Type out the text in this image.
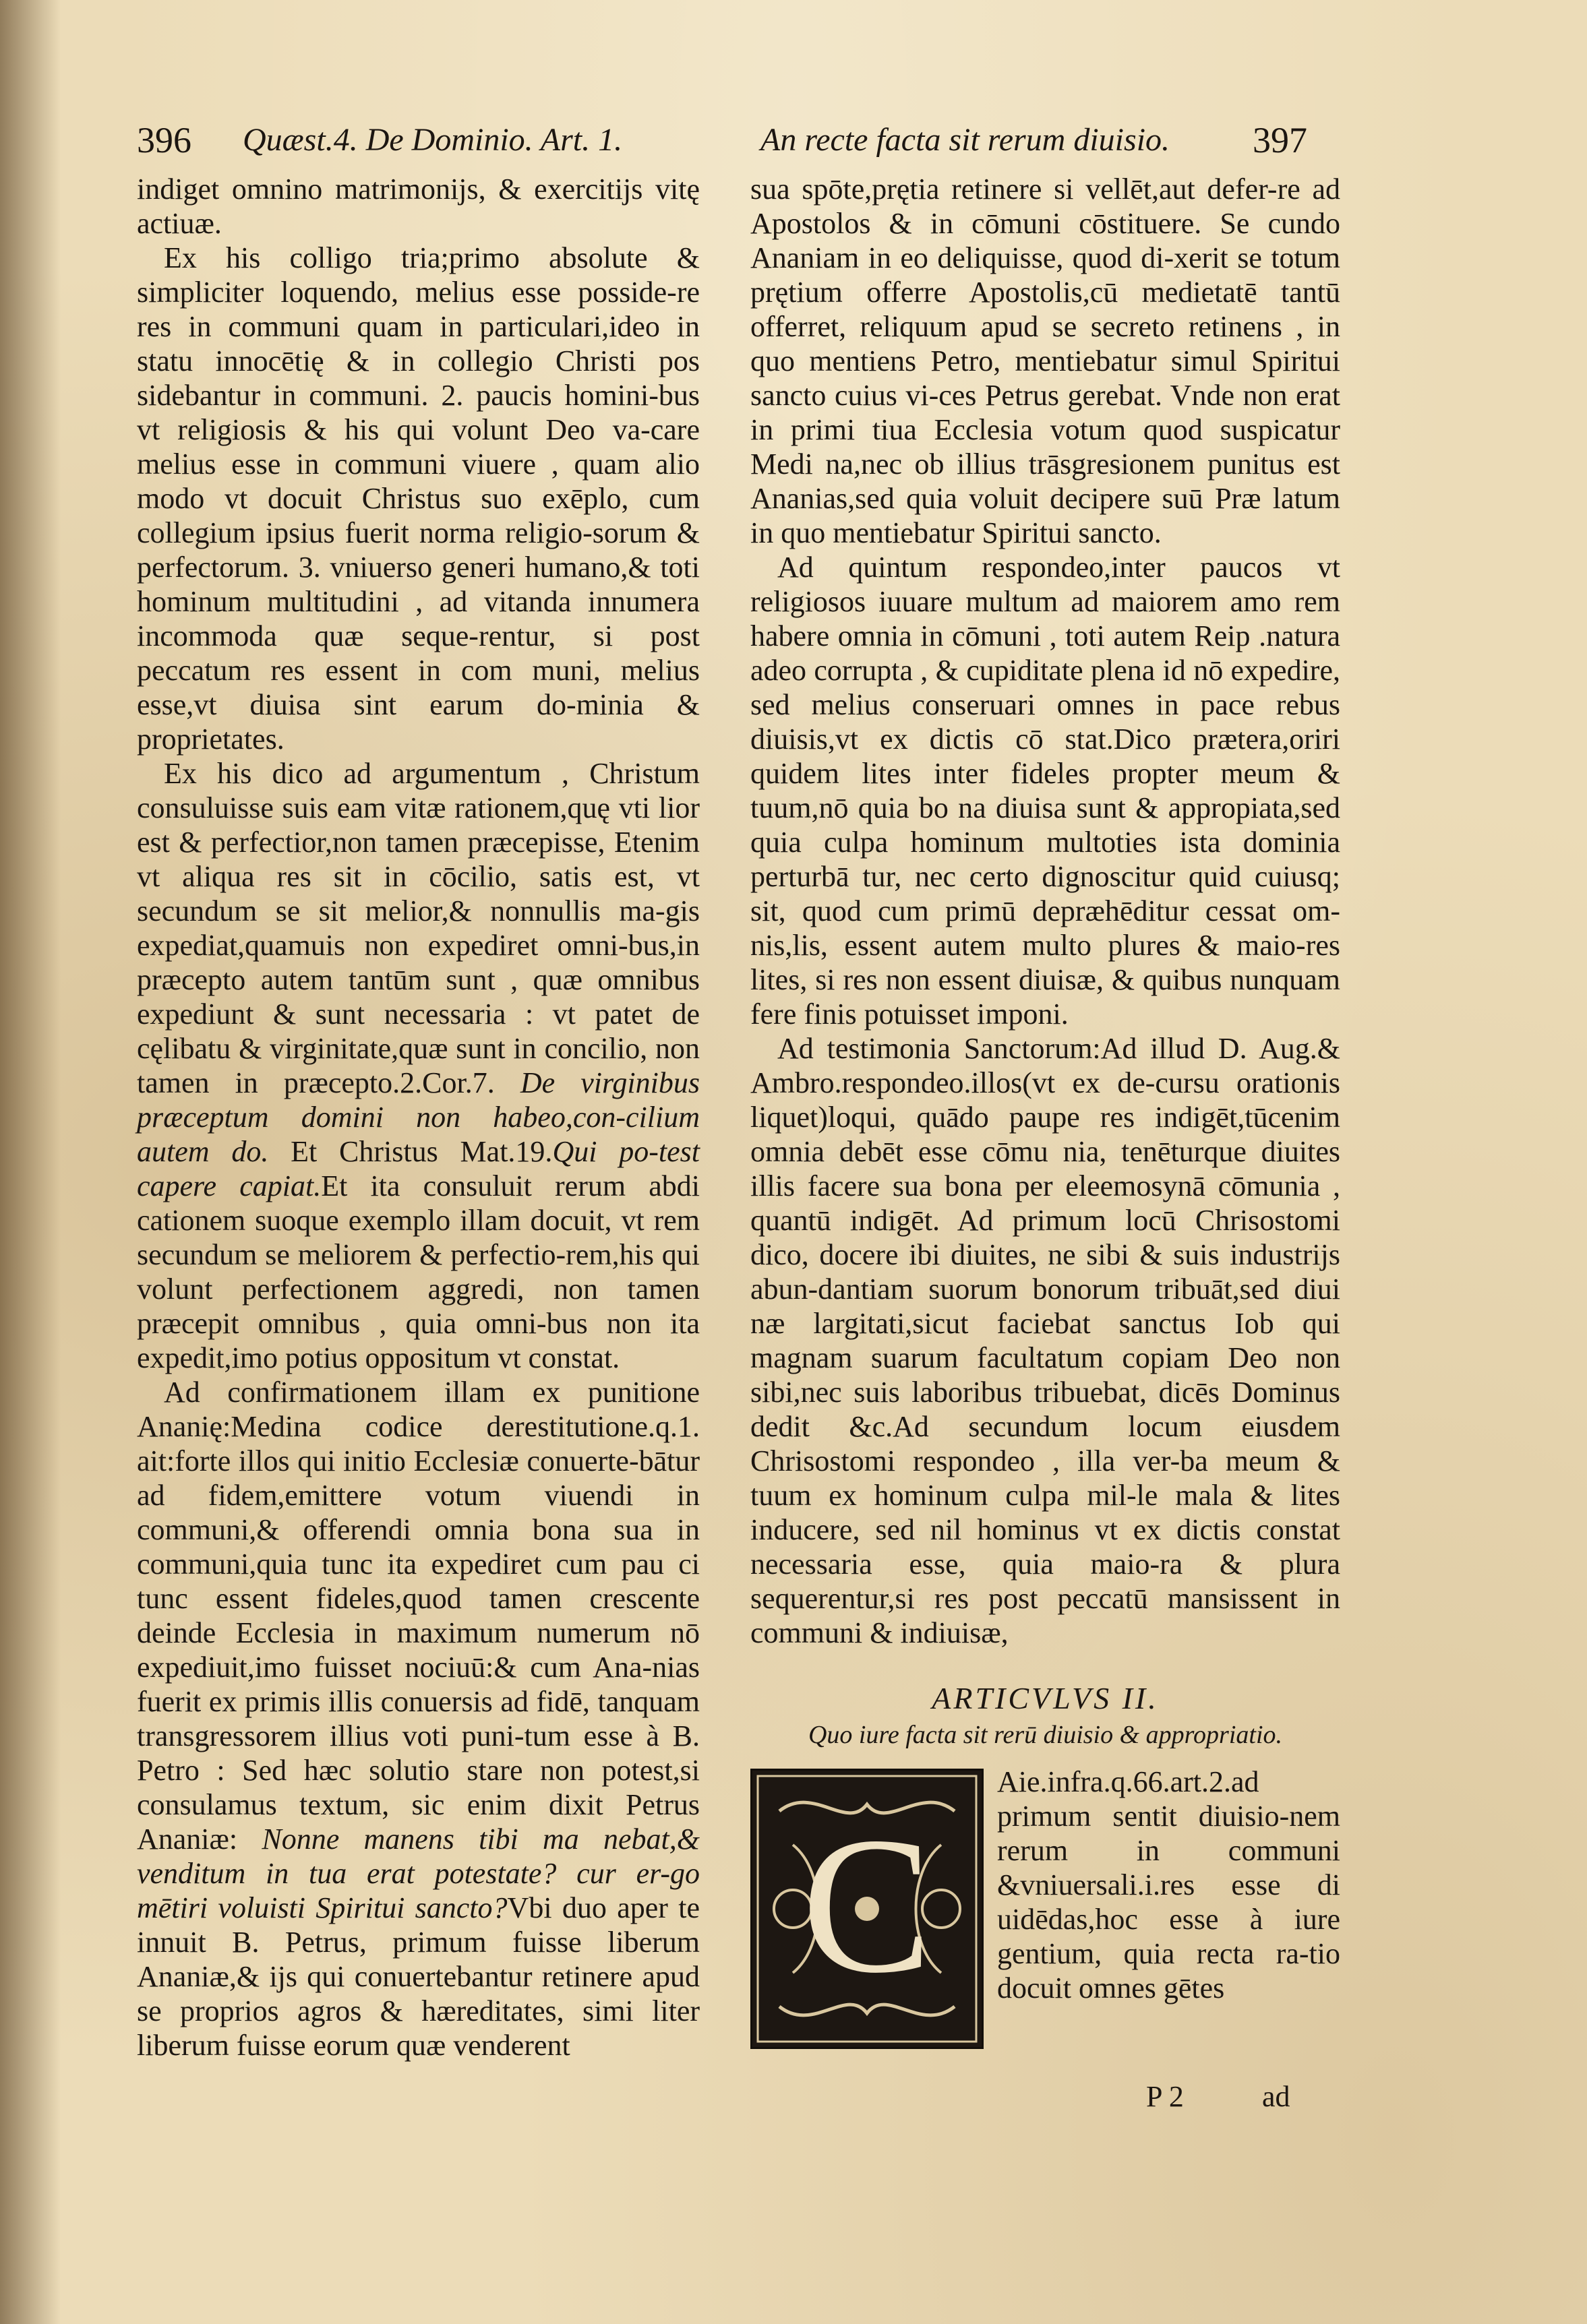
396 Quæst.4. De Dominio. Art. 1.	An recte facta sit rerum diuisio. 397

indiget omnino matrimonijs, & exercitijs vitę actiuæ.

Ex his colligo tria;primo absolute & simpliciter loquendo, melius esse posside-re res in communi quam in particulari,ideo in statu innocētię & in collegio Christi pos sidebantur in communi. 2. paucis homini-bus vt religiosis & his qui volunt Deo va-care melius esse in communi viuere , quam alio modo vt docuit Christus suo exēplo, cum collegium ipsius fuerit norma religio-sorum & perfectorum. 3. vniuerso generi humano,& toti hominum multitudini , ad vitanda innumera incommoda quæ seque-rentur, si post peccatum res essent in com muni, melius esse,vt diuisa sint earum do-minia & proprietates.

Ex his dico ad argumentum , Christum consuluisse suis eam vitæ rationem,quę vti lior est & perfectior,non tamen præcepisse, Etenim vt aliqua res sit in cōcilio, satis est, vt secundum se sit melior,& nonnullis ma-gis expediat,quamuis non expediret omni-bus,in præcepto autem tantūm sunt , quæ omnibus expediunt & sunt necessaria : vt patet de cęlibatu & virginitate,quæ sunt in concilio, non tamen in præcepto.2.Cor.7. De virginibus præceptum domini non habeo,con-cilium autem do. Et Christus Mat.19.Qui po-test capere capiat.Et ita consuluit rerum abdi cationem suoque exemplo illam docuit, vt rem secundum se meliorem & perfectio-rem,his qui volunt perfectionem aggredi, non tamen præcepit omnibus , quia omni-bus non ita expedit,imo potius oppositum vt constat.

Ad confirmationem illam ex punitione Ananię:Medina codice derestitutione.q.1. ait:forte illos qui initio Ecclesiæ conuerte-bātur ad fidem,emittere votum viuendi in communi,& offerendi omnia bona sua in communi,quia tunc ita expediret cum pau ci tunc essent fideles,quod tamen crescente deinde Ecclesia in maximum numerum nō expediuit,imo fuisset nociuū:& cum Ana-nias fuerit ex primis illis conuersis ad fidē, tanquam transgressorem illius voti puni-tum esse à B. Petro : Sed hæc solutio stare non potest,si consulamus textum, sic enim dixit Petrus Ananiæ: Nonne manens tibi ma nebat,& venditum in tua erat potestate? cur er-go mētiri voluisti Spiritui sancto?Vbi duo aper te innuit B. Petrus, primum fuisse liberum Ananiæ,& ijs qui conuertebantur retinere apud se proprios agros & hæreditates, simi liter liberum fuisse eorum quæ venderent

sua spōte,prętia retinere si vellēt,aut defer-re ad Apostolos & in cōmuni cōstituere. Se cundo Ananiam in eo deliquisse, quod di-xerit se totum prętium offerre Apostolis,cū medietatē tantū offerret, reliquum apud se secreto retinens , in quo mentiens Petro, mentiebatur simul Spiritui sancto cuius vi-ces Petrus gerebat. Vnde non erat in primi tiua Ecclesia votum quod suspicatur Medi na,nec ob illius trāsgresionem punitus est Ananias,sed quia voluit decipere suū Præ latum in quo mentiebatur Spiritui sancto.

Ad quintum respondeo,inter paucos vt religiosos iuuare multum ad maiorem amo rem habere omnia in cōmuni , toti autem Reip .natura adeo corrupta , & cupiditate plena id nō expedire, sed melius conseruari omnes in pace rebus diuisis,vt ex dictis cō stat.Dico prætera,oriri quidem lites inter fideles propter meum & tuum,nō quia bo na diuisa sunt & appropiata,sed quia culpa hominum multoties ista dominia perturbā tur, nec certo dignoscitur quid cuiusq; sit, quod cum primū depræhēditur cessat om-nis,lis, essent autem multo plures & maio-res lites, si res non essent diuisæ, & quibus nunquam fere finis potuisset imponi.

Ad testimonia Sanctorum:Ad illud D. Aug.& Ambro.respondeo.illos(vt ex de-cursu orationis liquet)loqui, quādo paupe res indigēt,tūcenim omnia debēt esse cōmu nia, tenēturque diuites illis facere sua bona per eleemosynā cōmunia , quantū indigēt. Ad primum locū Chrisostomi dico, docere ibi diuites, ne sibi & suis industrijs abun-dantiam suorum bonorum tribuāt,sed diui næ largitati,sicut faciebat sanctus Iob qui magnam suarum facultatum copiam Deo non sibi,nec suis laboribus tribuebat, dicēs Dominus dedit &c.Ad secundum locum eiusdem Chrisostomi respondeo , illa ver-ba meum & tuum ex hominum culpa mil-le mala & lites inducere, sed nil hominus vt ex dictis constat necessaria esse, quia maio-ra & plura sequerentur,si res post peccatū mansissent in communi & indiuisæ,

ARTICVLVS II.
Quo iure facta sit rerū diuisio & appropriatio.
C

Aie.infra.q.66.art.2.ad primum sentit diuisio-nem rerum in communi &vniuersali.i.res esse di uidēdas,hoc esse à iure gentium, quia recta ra-tio docuit omnes gētes

P 2	ad
